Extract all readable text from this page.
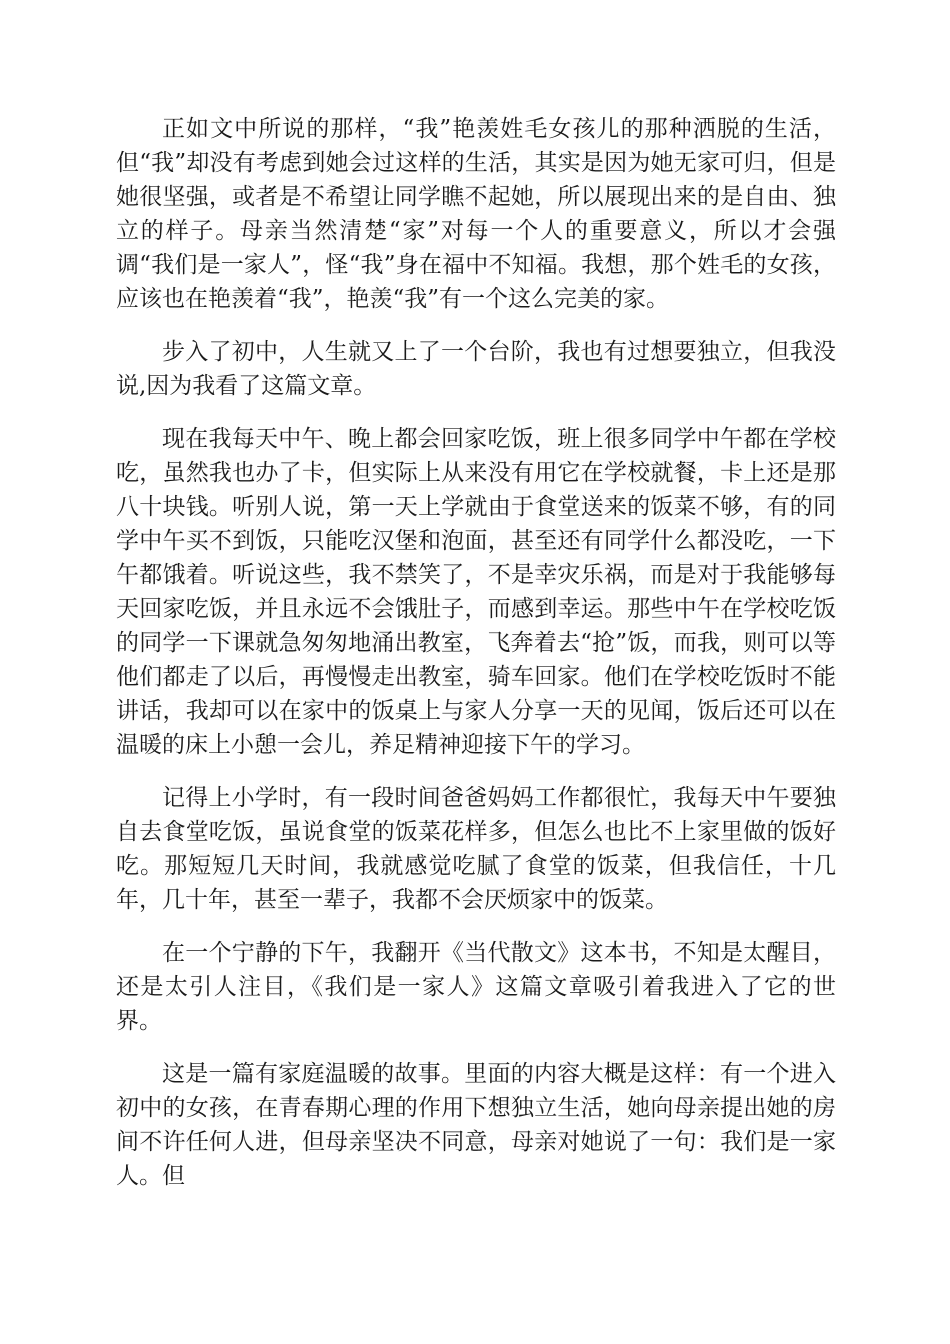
正如文中所说的那样，“我”艳羡姓毛女孩儿的那种洒脱的生活，但“我”却没有考虑到她会过这样的生活，其实是因为她无家可归，但是她很坚强，或者是不希望让同学瞧不起她，所以展现出来的是自由、独立的样子。母亲当然清楚“家”对每一个人的重要意义，所以才会强调“我们是一家人”，怪“我”身在福中不知福。我想，那个姓毛的女孩，应该也在艳羡着“我”，艳羡“我”有一个这么完美的家。

步入了初中，人生就又上了一个台阶，我也有过想要独立，但我没说,因为我看了这篇文章。

现在我每天中午、晚上都会回家吃饭，班上很多同学中午都在学校吃，虽然我也办了卡，但实际上从来没有用它在学校就餐，卡上还是那八十块钱。听别人说，第一天上学就由于食堂送来的饭菜不够，有的同学中午买不到饭，只能吃汉堡和泡面，甚至还有同学什么都没吃，一下午都饿着。听说这些，我不禁笑了，不是幸灾乐祸，而是对于我能够每天回家吃饭，并且永远不会饿肚子，而感到幸运。那些中午在学校吃饭的同学一下课就急匆匆地涌出教室，飞奔着去“抢”饭，而我，则可以等他们都走了以后，再慢慢走出教室，骑车回家。他们在学校吃饭时不能讲话，我却可以在家中的饭桌上与家人分享一天的见闻，饭后还可以在温暖的床上小憩一会儿，养足精神迎接下午的学习。

记得上小学时，有一段时间爸爸妈妈工作都很忙，我每天中午要独自去食堂吃饭，虽说食堂的饭菜花样多，但怎么也比不上家里做的饭好吃。那短短几天时间，我就感觉吃腻了食堂的饭菜，但我信任，十几年，几十年，甚至一辈子，我都不会厌烦家中的饭菜。

在一个宁静的下午，我翻开《当代散文》这本书，不知是太醒目，还是太引人注目，《我们是一家人》这篇文章吸引着我进入了它的世界。

这是一篇有家庭温暖的故事。里面的内容大概是这样：有一个进入初中的女孩，在青春期心理的作用下想独立生活，她向母亲提出她的房间不许任何人进，但母亲坚决不同意，母亲对她说了一句：我们是一家人。但
